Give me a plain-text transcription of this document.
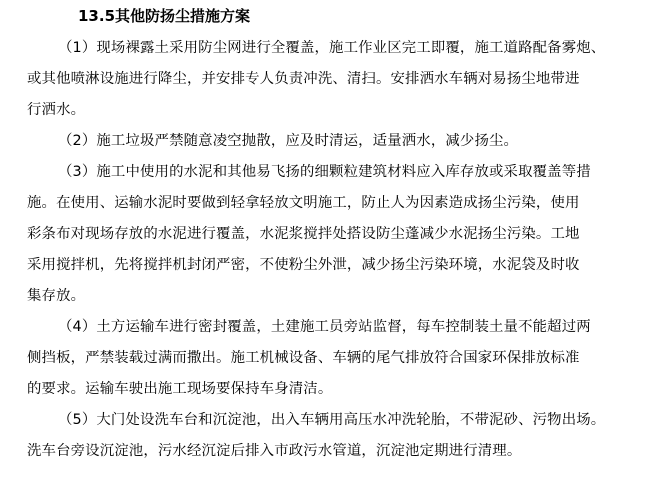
13.5其他防扬尘措施方案
（1）现场裸露土采用防尘网进行全覆盖，施工作业区完工即覆，施工道路配备雾炮、
或其他喷淋设施进行降尘，并安排专人负责冲洗、清扫。安排洒水车辆对易扬尘地带进
行洒水。
（2）施工垃圾严禁随意凌空抛散，应及时清运，适量洒水，减少扬尘。
（3）施工中使用的水泥和其他易飞扬的细颗粒建筑材料应入库存放或采取覆盖等措
施。在使用、运输水泥时要做到轻拿轻放文明施工，防止人为因素造成扬尘污染，使用
彩条布对现场存放的水泥进行覆盖，水泥浆搅拌处搭设防尘蓬减少水泥扬尘污染。工地
采用搅拌机，先将搅拌机封闭严密，不使粉尘外泄，减少扬尘污染环境，水泥袋及时收
集存放。
（4）土方运输车进行密封覆盖，土建施工员旁站监督，每车控制装土量不能超过两
侧挡板，严禁装载过满而撒出。施工机械设备、车辆的尾气排放符合国家环保排放标准
的要求。运输车驶出施工现场要保持车身清洁。
（5）大门处设洗车台和沉淀池，出入车辆用高压水冲洗轮胎，不带泥砂、污物出场。
洗车台旁设沉淀池，污水经沉淀后排入市政污水管道，沉淀池定期进行清理。
